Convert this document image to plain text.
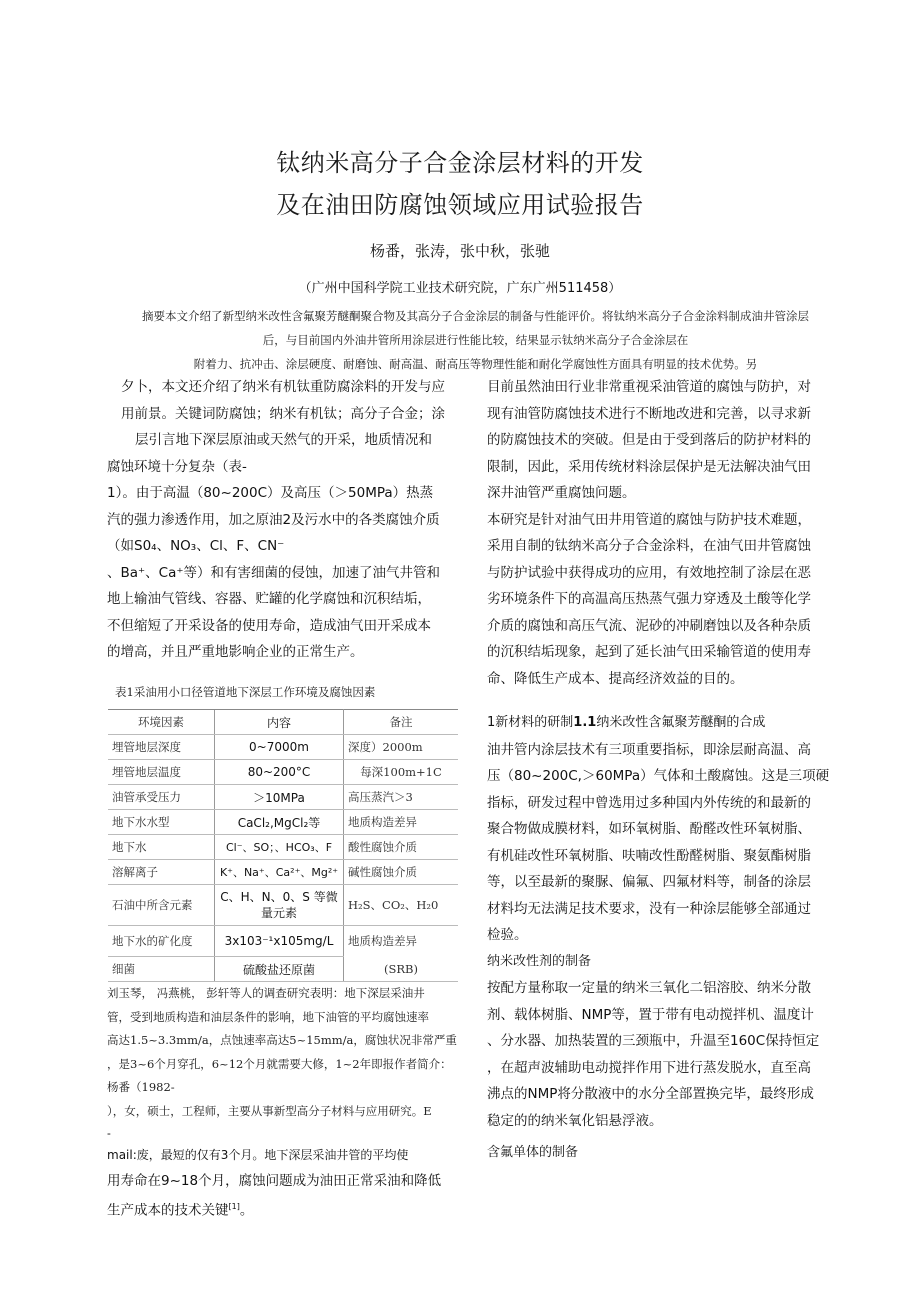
钛纳米高分子合金涂层材料的开发
及在油田防腐蚀领域应用试验报告
杨番，张涛，张中秋，张驰
（广州中国科学院工业技术研究院，广东广州511458）
摘要本文介绍了新型纳米改性含氟聚芳醚酮聚合物及其高分子合金涂层的制备与性能评价。将钛纳米高分子合金涂料制成油井管涂层
后，与目前国内外油井管所用涂层进行性能比较，结果显示钛纳米高分子合金涂层在
附着力、抗冲击、涂层硬度、耐磨蚀、耐高温、耐高压等物理性能和耐化学腐蚀性方面具有明显的技术优势。另

夕卜，本文还介绍了纳米有机钛重防腐涂料的开发与应

用前景。关键词防腐蚀；纳米有机钛；高分子合金；涂

层引言地下深层原油或天然气的开采，地质情况和

腐蚀环境十分复杂（表-

1）。由于高温（80~200C）及高压（＞50MPa）热蒸

汽的强力渗透作用，加之原油2及污水中的各类腐蚀介质

（如S0₄、NO₃、Cl、F、CN⁻

、Ba⁺、Ca⁺等）和有害细菌的侵蚀，加速了油气井管和

地上输油气管线、容器、贮罐的化学腐蚀和沉积结垢，

不但缩短了开采设备的使用寿命，造成油气田开采成本

的增高，并且严重地影响企业的正常生产。

表1采油用小口径管道地下深层工作环境及腐蚀因素
环境因素	内容	备注
埋管地层深度	0~7000m	深度）2000m
埋管地层温度	80~200°C	每深100m+1C
油管承受压力	＞10MPa	高压蒸汽＞3
地下水水型	CaCl₂,MgCl₂等	地质构造差异
地下水	Cl⁻、SO；、HCO₃、F	酸性腐蚀介质
溶解离子	K⁺、Na⁺、Ca²⁺、Mg²⁺	碱性腐蚀介质
石油中所含元素	C、H、N、0、S 等微量元素	H₂S、CO₂、H₂0
地下水的矿化度	3x103⁻¹x105mg/L	地质构造差异
细菌	硫酸盐还原菌	(SRB)
刘玉琴， 冯燕桃， 彭轩等人的调查研究表明：地下深层采油井
管，受到地质构造和油层条件的影响，地下油管的平均腐蚀速率
高达1.5~3.3mm/a，点蚀速率高达5~15mm/a，腐蚀状况非常严重
，是3~6个月穿孔，6~12个月就需要大修，1~2年即报作者简介：
杨番（1982-
），女，硕士，工程师，主要从事新型高分子材料与应用研究。E
-

mail:废，最短的仅有3个月。地下深层采油井管的平均使

用寿命在9~18个月，腐蚀问题成为油田正常采油和降低

生产成本的技术关键[1]。

目前虽然油田行业非常重视采油管道的腐蚀与防护，对

现有油管防腐蚀技术进行不断地改进和完善，以寻求新

的防腐蚀技术的突破。但是由于受到落后的防护材料的

限制，因此，采用传统材料涂层保护是无法解决油气田

深井油管严重腐蚀问题。

本研究是针对油气田井用管道的腐蚀与防护技术难题，

采用自制的钛纳米高分子合金涂料，在油气田井管腐蚀

与防护试验中获得成功的应用，有效地控制了涂层在恶

劣环境条件下的高温高压热蒸气强力穿透及土酸等化学

介质的腐蚀和高压气流、泥砂的冲刷磨蚀以及各种杂质

的沉积结垢现象，起到了延长油气田采输管道的使用寿

命、降低生产成本、提高经济效益的目的。

1新材料的研制1.1纳米改性含氟聚芳醚酮的合成

油井管内涂层技术有三项重要指标，即涂层耐高温、高

压（80~200C,＞60MPa）气体和土酸腐蚀。这是三项硬

指标，研发过程中曾选用过多种国内外传统的和最新的

聚合物做成膜材料，如环氧树脂、酚醛改性环氧树脂、

有机硅改性环氧树脂、呋喃改性酚醛树脂、聚氨酯树脂

等，以至最新的聚脲、偏氟、四氟材料等，制备的涂层

材料均无法满足技术要求，没有一种涂层能够全部通过

检验。

纳米改性剂的制备

按配方量称取一定量的纳米三氧化二铝溶胶、纳米分散

剂、载体树脂、NMP等，置于带有电动搅拌机、温度计

、分水器、加热装置的三颈瓶中，升温至160C保持恒定

，在超声波辅助电动搅拌作用下进行蒸发脱水，直至高

沸点的NMP将分散液中的水分全部置换完毕，最终形成

稳定的的纳米氧化铝悬浮液。

含氟单体的制备
